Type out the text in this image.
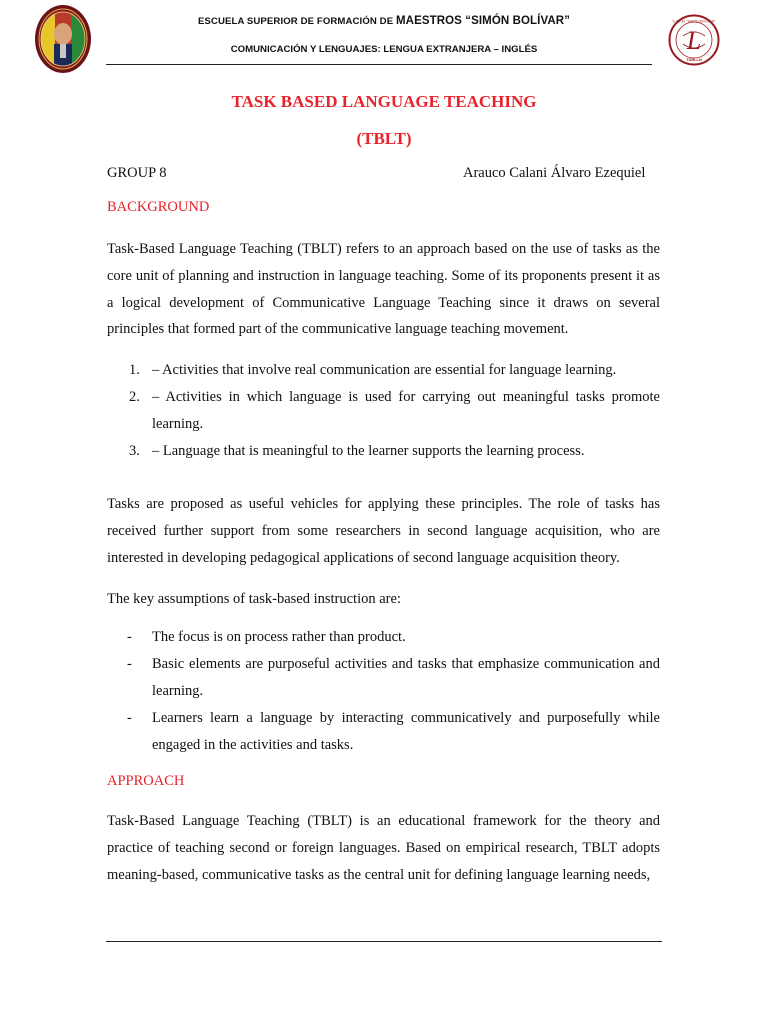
ESCUELA SUPERIOR DE FORMACIÓN DE MAESTROS “SIMÓN BOLÍVAR”
COMUNICACIÓN Y LENGUAJES: LENGUA EXTRANJERA – INGLÉS	L
E.S.F.M. "SIMÓN BOLÍVAR"
TSBLLN
TASK BASED LANGUAGE TEACHING
(TBLT)
GROUP 8	Arauco Calani Álvaro Ezequiel
BACKGROUND

Task-Based Language Teaching (TBLT) refers to an approach based on the use of tasks as the core unit of planning and instruction in language teaching. Some of its proponents present it as a logical development of Communicative Language Teaching since it draws on several principles that formed part of the communicative language teaching movement.

1. – Activities that involve real communication are essential for language learning.
2. – Activities in which language is used for carrying out meaningful tasks promote learning.
3. – Language that is meaningful to the learner supports the learning process.

Tasks are proposed as useful vehicles for applying these principles. The role of tasks has received further support from some researchers in second language acquisition, who are interested in developing pedagogical applications of second language acquisition theory.

The key assumptions of task-based instruction are:
- The focus is on process rather than product.
- Basic elements are purposeful activities and tasks that emphasize communication and learning.
- Learners learn a language by interacting communicatively and purposefully while engaged in the activities and tasks.
APPROACH

Task-Based Language Teaching (TBLT) is an educational framework for the theory and practice of teaching second or foreign languages. Based on empirical research, TBLT adopts meaning-based, communicative tasks as the central unit for defining language learning needs,
